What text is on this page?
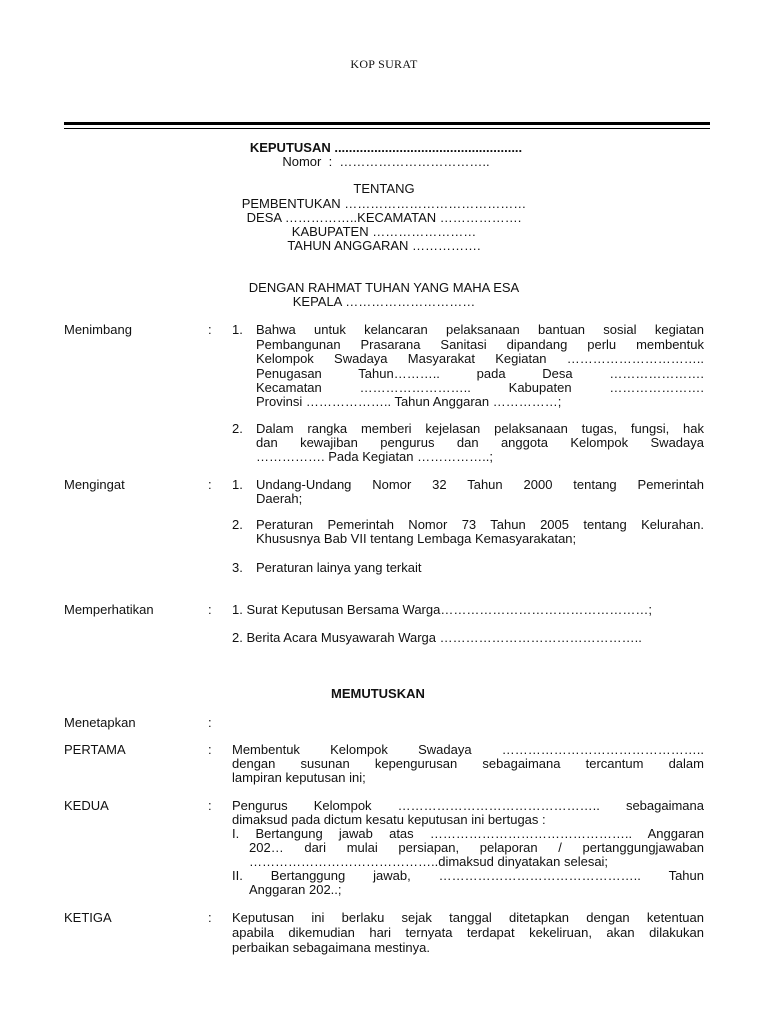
KOP SURAT
KEPUTUSAN ....................................................
Nomor  :  ……………………………..
TENTANG
PEMBENTUKAN ……………………………………
DESA ……………..KECAMATAN ……………….
KABUPATEN ……………………
TAHUN ANGGARAN …………….
DENGAN RAHMAT TUHAN YANG MAHA ESA
KEPALA …………………………
Menimbang	: 1. Bahwa untuk kelancaran pelaksanaan bantuan sosial kegiatan
Pembangunan Prasarana Sanitasi dipandang perlu membentuk
Kelompok Swadaya Masyarakat Kegiatan …………………………..
Penugasan Tahun……….. pada Desa ………………….
Kecamatan …………………….. Kabupaten ………………….
Provinsi ……………….. Tahun Anggaran ……………;
2. Dalam rangka memberi kejelasan pelaksanaan tugas, fungsi, hak
dan kewajiban pengurus dan anggota Kelompok Swadaya
……………. Pada Kegiatan ……………..;
Mengingat	: 1. Undang-Undang Nomor 32 Tahun 2000 tentang Pemerintah
Daerah;
2. Peraturan Pemerintah Nomor 73 Tahun 2005 tentang Kelurahan.
Khususnya Bab VII tentang Lembaga Kemasyarakatan;
3. Peraturan lainya yang terkait
Memperhatikan	: 1. Surat Keputusan Bersama Warga…………………………………………;
2. Berita Acara Musyawarah Warga ………………………………………..
MEMUTUSKAN
Menetapkan	:
PERTAMA	: Membentuk Kelompok Swadaya ………………………………………..
dengan susunan kepengurusan sebagaimana tercantum dalam
lampiran keputusan ini;
KEDUA	: Pengurus Kelompok ……………………………………….. sebagaimana
dimaksud pada dictum kesatu keputusan ini bertugas :
I. Bertangung jawab atas ……………………………………….. Anggaran
202… dari mulai persiapan, pelaporan / pertanggungjawaban
……………………………………..dimaksud dinyatakan selesai;
II. Bertanggung jawab, ……………………………………….. Tahun
Anggaran 202..;
KETIGA	: Keputusan ini berlaku sejak tanggal ditetapkan dengan ketentuan
apabila dikemudian hari ternyata terdapat kekeliruan, akan dilakukan
perbaikan sebagaimana mestinya.
